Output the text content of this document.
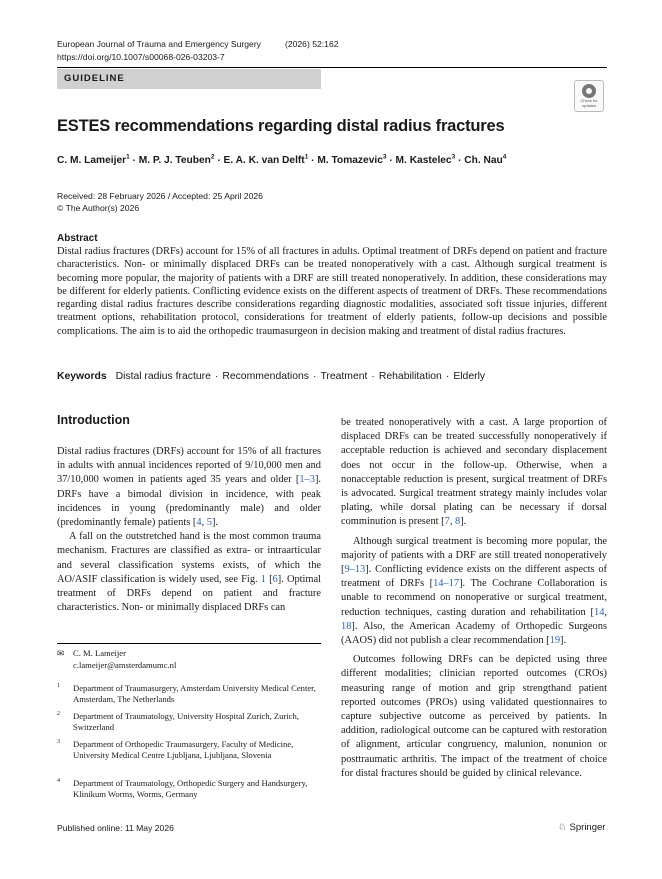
European Journal of Trauma and Emergency Surgery	(2026) 52:162
https://doi.org/10.1007/s00068-026-03203-7
GUIDELINE
Check for updates
ESTES recommendations regarding distal radius fractures
C. M. Lameijer$^1$ · M. P. J. Teuben$^2$ · E. A. K. van Delft$^1$ · M. Tomazevic$^3$ · M. Kastelec$^3$ · Ch. Nau$^4$
Received: 28 February 2026 / Accepted: 25 April 2026
© The Author(s) 2026
Abstract
Distal radius fractures (DRFs) account for 15% of all fractures in adults. Optimal treatment of DRFs depend on patient and fracture characteristics. Non- or minimally displaced DRFs can be treated nonoperatively with a cast. Although surgical treatment is becoming more popular, the majority of patients with a DRF are still treated nonoperatively. In addition, these considerations may be different for elderly patients. Conflicting evidence exists on the different aspects of treatment of DRFs. These recommendations regarding distal radius fractures describe considerations regarding diagnostic modalities, associated soft tissue injuries, different treatment options, rehabilitation protocol, considerations for treatment of elderly patients, follow-up decisions and possible complications. The aim is to aid the orthopedic traumasurgeon in decision making and treatment of distal radius fractures.
Keywords Distal radius fracture · Recommendations · Treatment · Rehabilitation · Elderly
Introduction

Distal radius fractures (DRFs) account for 15% of all fractures in adults with annual incidences reported of 9/10,000 men and 37/10,000 women in patients aged 35 years and older [1–3]. DRFs have a bimodal division in incidence, with peak incidences in young (predominantly male) and older (predominantly female) patients [4, 5].

A fall on the outstretched hand is the most common trauma mechanism. Fractures are classified as extra- or intraarticular and several classification systems exists, of which the AO/ASIF classification is widely used, see Fig. 1 [6]. Optimal treatment of DRFs depend on patient and fracture characteristics. Non- or minimally displaced DRFs can

be treated nonoperatively with a cast. A large proportion of displaced DRFs can be treated successfully nonoperatively if acceptable reduction is achieved and secondary displacement does not occur in the follow-up. Otherwise, when a nonacceptable reduction is present, surgical treatment of DRFs is advocated. Surgical treatment strategy mainly includes volar plating, while dorsal plating can be necessary if dorsal comminution is present [7, 8].

Although surgical treatment is becoming more popular, the majority of patients with a DRF are still treated nonoperatively [9–13]. Conflicting evidence exists on the different aspects of treatment of DRFs [14–17]. The Cochrane Collaboration is unable to recommend on nonoperative or surgical treatment, reduction techniques, casting duration and rehabilitation [14, 18]. Also, the American Academy of Orthopedic Surgeons (AAOS) did not publish a clear recommendation [19].

Outcomes following DRFs can be depicted using three different modalities; clinician reported outcomes (CROs) measuring range of motion and grip strengthand patient reported outcomes (PROs) using validated questionnaires to capture subjective outcome as perceived by patients. In addition, radiological outcome can be captured with restoration of alignment, articular congruency, malunion, nonunion or posttraumatic arthritis. The impact of the treatment of choice for distal fractures should be guided by clinical relevance.

✉ C. M. Lameijer
c.lameijer@amsterdamumc.nl
1	Department of Traumasurgery, Amsterdam University Medical Center, Amsterdam, The Netherlands
2	Department of Traumatology, University Hospital Zurich, Zurich, Switzerland
3	Department of Orthopedic Traumasurgery, Faculty of Medicine, University Medical Centre Ljubljana, Ljubljana, Slovenia
4	Department of Traumatology, Orthopedic Surgery and Handsurgery, Klinikum Worms, Worms, Germany
Published online: 11 May 2026	♘ Springer
